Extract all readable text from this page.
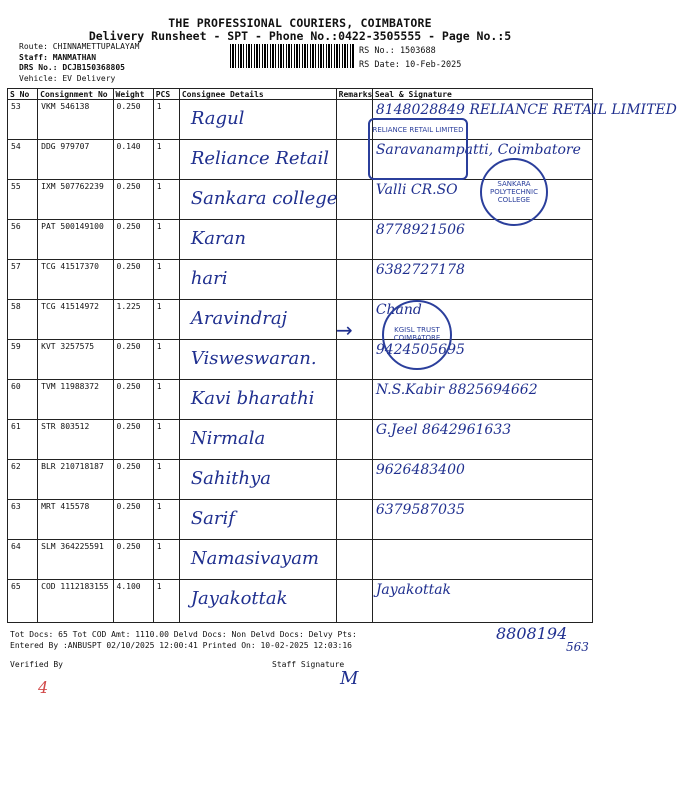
THE PROFESSIONAL COURIERS, COIMBATORE
Delivery Runsheet - SPT - Phone No.:0422-3505555 - Page No.:5
Route: CHINNAMETTUPALAYAM
Staff: MANMATHAN
DRS No.: DCJB150368805
Vehicle: EV Delivery
RS No.: 1503688
RS Date: 10-Feb-2025
S No	Consignment No	Weight	PCS	Consignee Details	Remarks	Seal & Signature
53	VKM 546138	0.250	1	Ragul		8148028849 RELIANCE RETAIL LIMITED
54	DDG 979707	0.140	1	Reliance Retail		Saravanampatti, Coimbatore
55	IXM 507762239	0.250	1	Sankara college		Valli CR.SO
56	PAT 500149100	0.250	1	Karan		8778921506
57	TCG 41517370	0.250	1	hari		6382727178
58	TCG 41514972	1.225	1	Aravindraj		Chand
59	KVT 3257575	0.250	1	Visweswaran.		9424505695
60	TVM 11988372	0.250	1	Kavi bharathi		N.S.Kabir 8825694662
61	STR 803512	0.250	1	Nirmala		G.Jeel 8642961633
62	BLR 210718187	0.250	1	Sahithya		9626483400
63	MRT 415578	0.250	1	Sarif		6379587035
64	SLM 364225591	0.250	1	Namasivayam		
65	COD 1112183155	4.100	1	Jayakottak		Jayakottak
RELIANCE RETAIL LIMITED
SANKARA POLYTECHNIC COLLEGE
KGISL TRUST COIMBATORE
→
Tot Docs: 65 Tot COD Amt: 1110.00 Delvd Docs: Non Delvd Docs: Delvy Pts:
Entered By :ANBUSPT 02/10/2025 12:00:41 Printed On: 10-02-2025 12:03:16
Verified By	Staff Signature
8808194
563
4	M
